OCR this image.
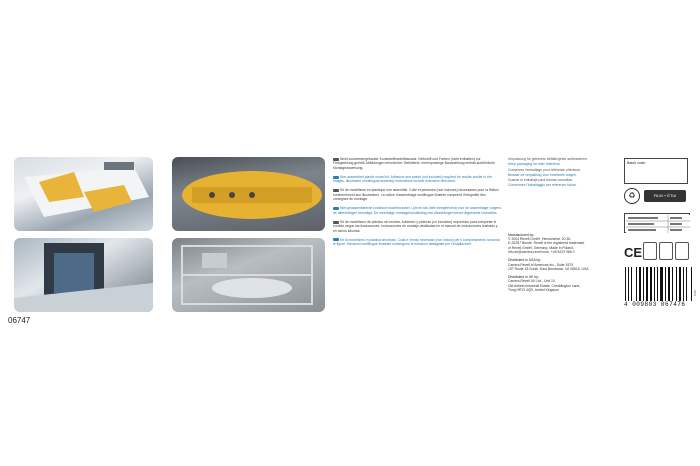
06747

Nicht zusammengebauter Kunststoffmodellbausatz. Klebstoff und Farben (nicht enthalten) zur Fertigstellung gemäß Abbildungen erforderlich. Bebilderte, mehrsprachige Bauanleitung enthält ausführliche Montageanweisung.

Non-assembled plastic model kit. Adhesive and paints (not included) required for results similar to the images. Illustrated, multilingual assembly instructions include extensive directions.

Kit de modélisme en plastique non assemblé. Colle et peintures (non incluses) nécessaires pour la finition conformément aux illustrations. La notice d'assemblage multilingue illustrée comprend l'intégralité des consignes de montage.

Niet-geassembleerde kunststof modelbouwset. Lijm en lak (niet meegeleverd) voor de assemblage volgens de afbeeldingen benodigd. De meertalige montagehandleiding met afbeeldingen bevat uitgebreide instructies.

Kit de modelismo de plástico sin montar. Adhesivo y pinturas (no incluidos) requeridos para completar el modelo según las ilustraciones. Instrucciones de montaje detalladas en el manual de instrucciones ilustrado y en varios idiomas.

Kit di modelismo in plastica smontato. Colla e vernici necessari (non inclusi) per il completamento secondo le figure. Istruzioni multilingue illustrate contengono le istruzioni dettagliate per l'installazione.

Verpackung für getrennte Abfälle/gelbe aufbewahren.

Keep packaging for later reference.

Conservez l'emballage pour référence ultérieure.

Bewaar de verpakking voor eventuele vragen.

Guarde el embalaje para futuras consultas.

Conservare l'imballaggio per referenze future.

Manufactured by:
© 2024 Revell GmbH, Henschelstr. 20-30,
D-32257 Bünde. Revell is the registered trademark
of Revell GmbH, Germany. Made in Poland.
info.de@carrera-revell.com, +49 5223 965 0

Distributed in USA by:
Carrera Revell of Americas Inc., Suite 1879,
197 Route 18 South, East Brunswick, NJ 08816, USA

Distributed in UK by:
Carrera Revell UK Ltd., Unit 10,
Old Airfield Industrial Estate, Cheddington Lane,
Tring HP23 4QR, United Kingdom

Batch code:
♻	FILM + ÉTUI
CE
4 009803 067476
0111
